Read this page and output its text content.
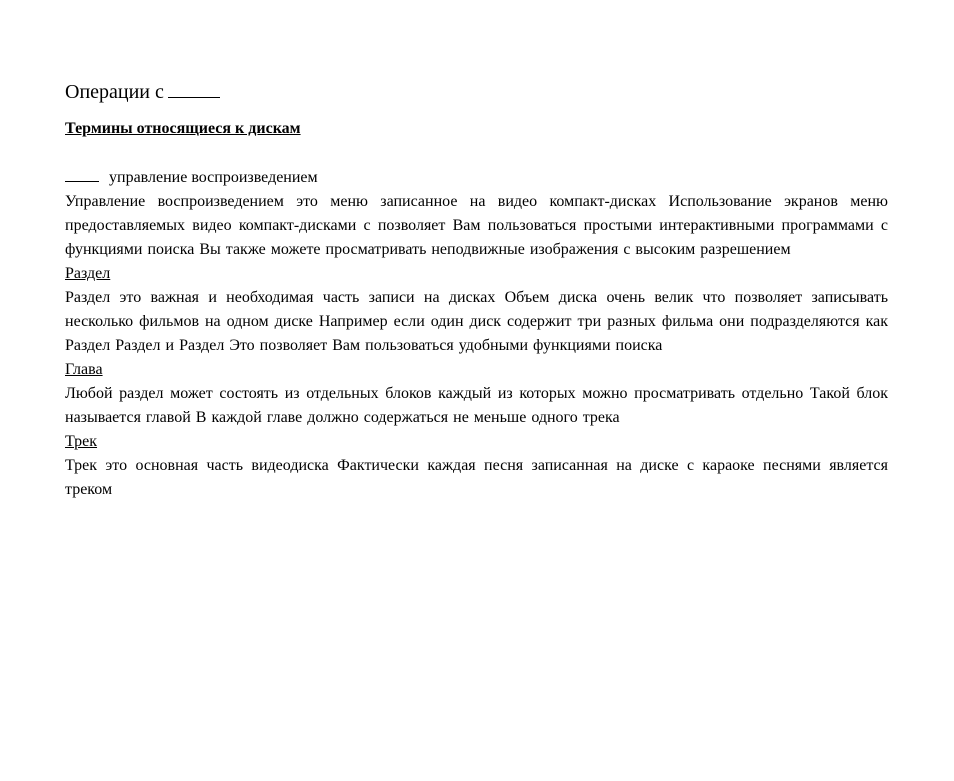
Операции с
Термины относящиеся к дискам
управление воспроизведением

Управление воспроизведением это меню записанное на видео компакт-дисках Использование экранов меню предоставляемых видео компакт-дисками с позволяет Вам пользоваться простыми интерактивными программами с функциями поиска Вы также можете просматривать неподвижные изображения с высоким разрешением

Раздел

Раздел это важная и необходимая часть записи на дисках Объем диска очень велик что позволяет записывать несколько фильмов на одном диске Например если один диск содержит три разных фильма они подразделяются как Раздел Раздел и Раздел Это позволяет Вам пользоваться удобными функциями поиска

Глава

Любой раздел может состоять из отдельных блоков каждый из которых можно просматривать отдельно Такой блок называется главой В каждой главе должно содержаться не меньше одного трека

Трек

Трек это основная часть видеодиска Фактически каждая песня записанная на диске с караоке песнями является треком
